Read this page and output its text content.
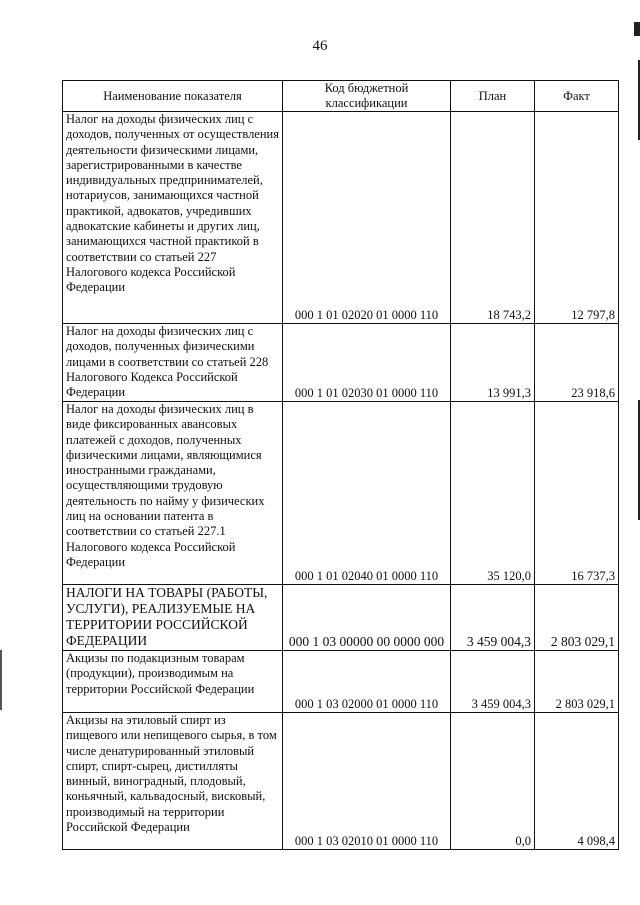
46
Наименование показателя	Код бюджетной классификации	План	Факт
Налог на доходы физических лиц с доходов, полученных от осуществления деятельности физическими лицами, зарегистрированными в качестве индивидуальных предпринимателей, нотариусов, занимающихся частной практикой, адвокатов, учредивших адвокатские кабинеты и других лиц, занимающихся частной практикой в соответствии со статьей 227 Налогового кодекса Российской Федерации	000 1 01 02020 01 0000 110	18 743,2	12 797,8
Налог на доходы физических лиц с доходов, полученных физическими лицами в соответствии со статьей 228 Налогового Кодекса Российской Федерации	000 1 01 02030 01 0000 110	13 991,3	23 918,6
Налог на доходы физических лиц в виде фиксированных авансовых платежей с доходов, полученных физическими лицами, являющимися иностранными гражданами, осуществляющими трудовую деятельность по найму у физических лиц на основании патента в соответствии со статьей 227.1 Налогового кодекса Российской Федерации	000 1 01 02040 01 0000 110	35 120,0	16 737,3
НАЛОГИ НА ТОВАРЫ (РАБОТЫ, УСЛУГИ), РЕАЛИЗУЕМЫЕ НА ТЕРРИТОРИИ РОССИЙСКОЙ ФЕДЕРАЦИИ	000 1 03 00000 00 0000 000	3 459 004,3	2 803 029,1
Акцизы по подакцизным товарам (продукции), производимым на территории Российской Федерации	000 1 03 02000 01 0000 110	3 459 004,3	2 803 029,1
Акцизы на этиловый спирт из пищевого или непищевого сырья, в том числе денатурированный этиловый спирт, спирт-сырец, дистилляты винный, виноградный, плодовый, коньячный, кальвадосный, висковый, производимый на территории Российской Федерации	000 1 03 02010 01 0000 110	0,0	4 098,4
